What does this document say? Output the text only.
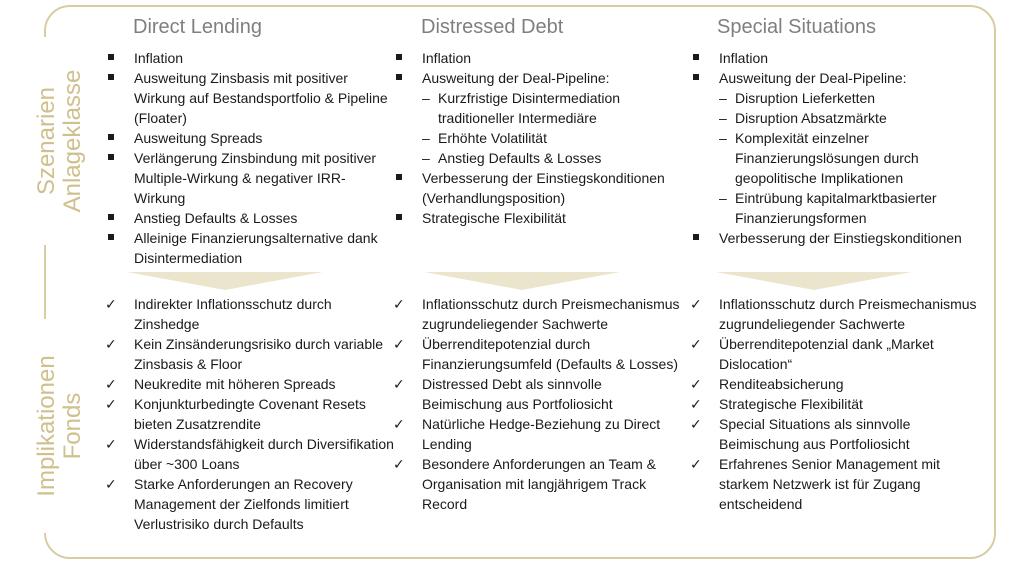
Szenarien Anlageklasse
Implikationen Fonds
Direct Lending	Distressed Debt	Special Situations
Inflation
Ausweitung Zinsbasis mit positiver Wirkung auf Bestandsportfolio & Pipeline (Floater)
Ausweitung Spreads
Verlängerung Zinsbindung mit positiver Multiple-Wirkung & negativer IRR-Wirkung
Anstieg Defaults & Losses
Alleinige Finanzierungsalternative dank Disintermediation
Inflation
Ausweitung der Deal-Pipeline:
– Kurzfristige Disintermediation traditioneller Intermediäre
– Erhöhte Volatilität
– Anstieg Defaults & Losses
Verbesserung der Einstiegskonditionen (Verhandlungsposition)
Strategische Flexibilität
Inflation
Ausweitung der Deal-Pipeline:
– Disruption Lieferketten
– Disruption Absatzmärkte
– Komplexität einzelner Finanzierungslösungen durch geopolitische Implikationen
– Eintrübung kapitalmarktbasierter Finanzierungsformen
Verbesserung der Einstiegskonditionen
✓ Indirekter Inflationsschutz durch Zinshedge
✓ Kein Zinsänderungsrisiko durch variable Zinsbasis & Floor
✓ Neukredite mit höheren Spreads
✓ Konjunkturbedingte Covenant Resets bieten Zusatzrendite
✓ Widerstandsfähigkeit durch Diversifikation über ~300 Loans
✓ Starke Anforderungen an Recovery Management der Zielfonds limitiert Verlustrisiko durch Defaults
✓ Inflationsschutz durch Preismechanismus zugrundeliegender Sachwerte
✓ Überrenditepotenzial durch Finanzierungsumfeld (Defaults & Losses)
✓ Distressed Debt als sinnvolle Beimischung aus Portfoliosicht
✓ Natürliche Hedge-Beziehung zu Direct Lending
✓ Besondere Anforderungen an Team & Organisation mit langjährigem Track Record
✓ Inflationsschutz durch Preismechanismus zugrundeliegender Sachwerte
✓ Überrenditepotenzial dank „Market Dislocation“
✓ Renditeabsicherung
✓ Strategische Flexibilität
✓ Special Situations als sinnvolle Beimischung aus Portfoliosicht
✓ Erfahrenes Senior Management mit starkem Netzwerk ist für Zugang entscheidend
